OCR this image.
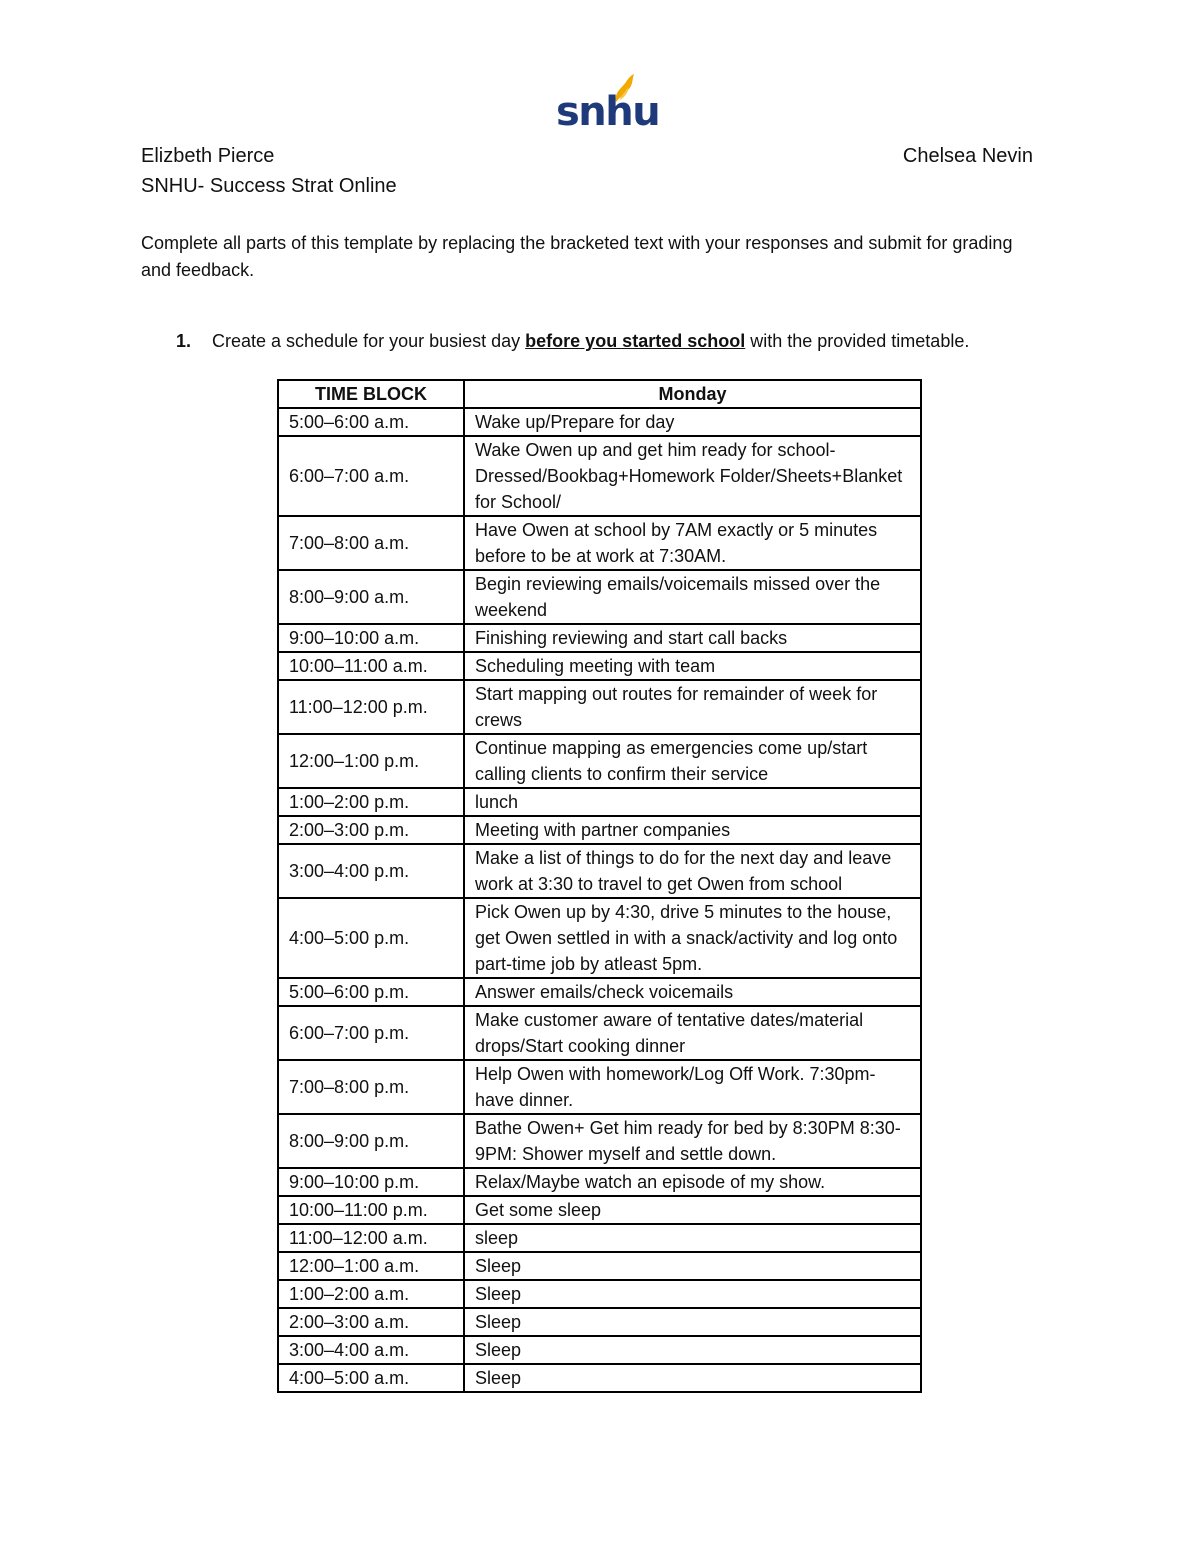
snhu
Elizbeth Pierce	Chelsea Nevin
SNHU- Success Strat Online
Complete all parts of this template by replacing the bracketed text with your responses and submit for grading and feedback.
1. Create a schedule for your busiest day before you started school with the provided timetable.
TIME BLOCK	Monday
5:00–6:00 a.m.	Wake up/Prepare for day
6:00–7:00 a.m.	Wake Owen up and get him ready for school- Dressed/Bookbag+Homework Folder/Sheets+Blanket for School/
7:00–8:00 a.m.	Have Owen at school by 7AM exactly or 5 minutes before to be at work at 7:30AM.
8:00–9:00 a.m.	Begin reviewing emails/voicemails missed over the weekend
9:00–10:00 a.m.	Finishing reviewing and start call backs
10:00–11:00 a.m.	Scheduling meeting with team
11:00–12:00 p.m.	Start mapping out routes for remainder of week for crews
12:00–1:00 p.m.	Continue mapping as emergencies come up/start calling clients to confirm their service
1:00–2:00 p.m.	lunch
2:00–3:00 p.m.	Meeting with partner companies
3:00–4:00 p.m.	Make a list of things to do for the next day and leave work at 3:30 to travel to get Owen from school
4:00–5:00 p.m.	Pick Owen up by 4:30, drive 5 minutes to the house, get Owen settled in with a snack/activity and log onto part-time job by atleast 5pm.
5:00–6:00 p.m.	Answer emails/check voicemails
6:00–7:00 p.m.	Make customer aware of tentative dates/material drops/Start cooking dinner
7:00–8:00 p.m.	Help Owen with homework/Log Off Work. 7:30pm- have dinner.
8:00–9:00 p.m.	Bathe Owen+ Get him ready for bed by 8:30PM 8:30-9PM: Shower myself and settle down.
9:00–10:00 p.m.	Relax/Maybe watch an episode of my show.
10:00–11:00 p.m.	Get some sleep
11:00–12:00 a.m.	sleep
12:00–1:00 a.m.	Sleep
1:00–2:00 a.m.	Sleep
2:00–3:00 a.m.	Sleep
3:00–4:00 a.m.	Sleep
4:00–5:00 a.m.	Sleep
